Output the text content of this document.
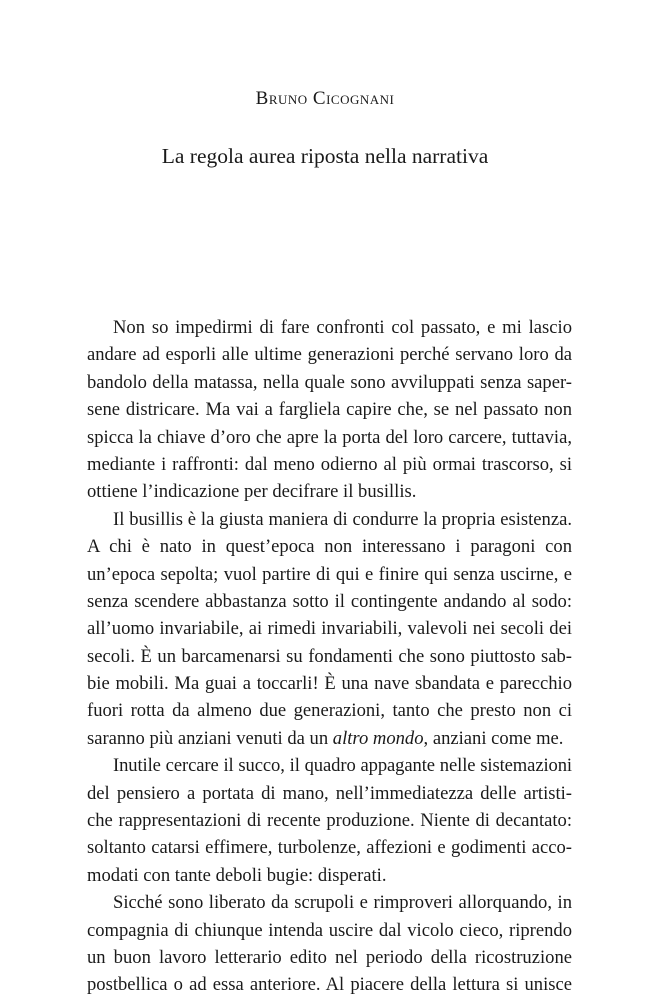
Bruno Cicognani
La regola aurea riposta nella narrativa
Non so impedirmi di fare confronti col passato, e mi lascio
andare ad esporli alle ultime generazioni perché servano loro da
bandolo della matassa, nella quale sono avviluppati senza saper-
sene districare. Ma vai a fargliela capire che, se nel passato non
spicca la chiave d’oro che apre la porta del loro carcere, tuttavia,
mediante i raffronti: dal meno odierno al più ormai trascorso, si
ottiene l’indicazione per decifrare il busillis.
Il busillis è la giusta maniera di condurre la propria esistenza.
A chi è nato in quest’epoca non interessano i paragoni con
un’epoca sepolta; vuol partire di qui e finire qui senza uscirne, e
senza scendere abbastanza sotto il contingente andando al sodo:
all’uomo invariabile, ai rimedi invariabili, valevoli nei secoli dei
secoli. È un barcamenarsi su fondamenti che sono piuttosto sab-
bie mobili. Ma guai a toccarli! È una nave sbandata e parecchio
fuori rotta da almeno due generazioni, tanto che presto non ci
saranno più anziani venuti da un altro mondo, anziani come me.
Inutile cercare il succo, il quadro appagante nelle sistemazioni
del pensiero a portata di mano, nell’immediatezza delle artisti-
che rappresentazioni di recente produzione. Niente di decantato:
soltanto catarsi effimere, turbolenze, affezioni e godimenti acco-
modati con tante deboli bugie: disperati.
Sicché sono liberato da scrupoli e rimproveri allorquando, in
compagnia di chiunque intenda uscire dal vicolo cieco, riprendo
un buon lavoro letterario edito nel periodo della ricostruzione
postbellica o ad essa anteriore. Al piacere della lettura si unisce
